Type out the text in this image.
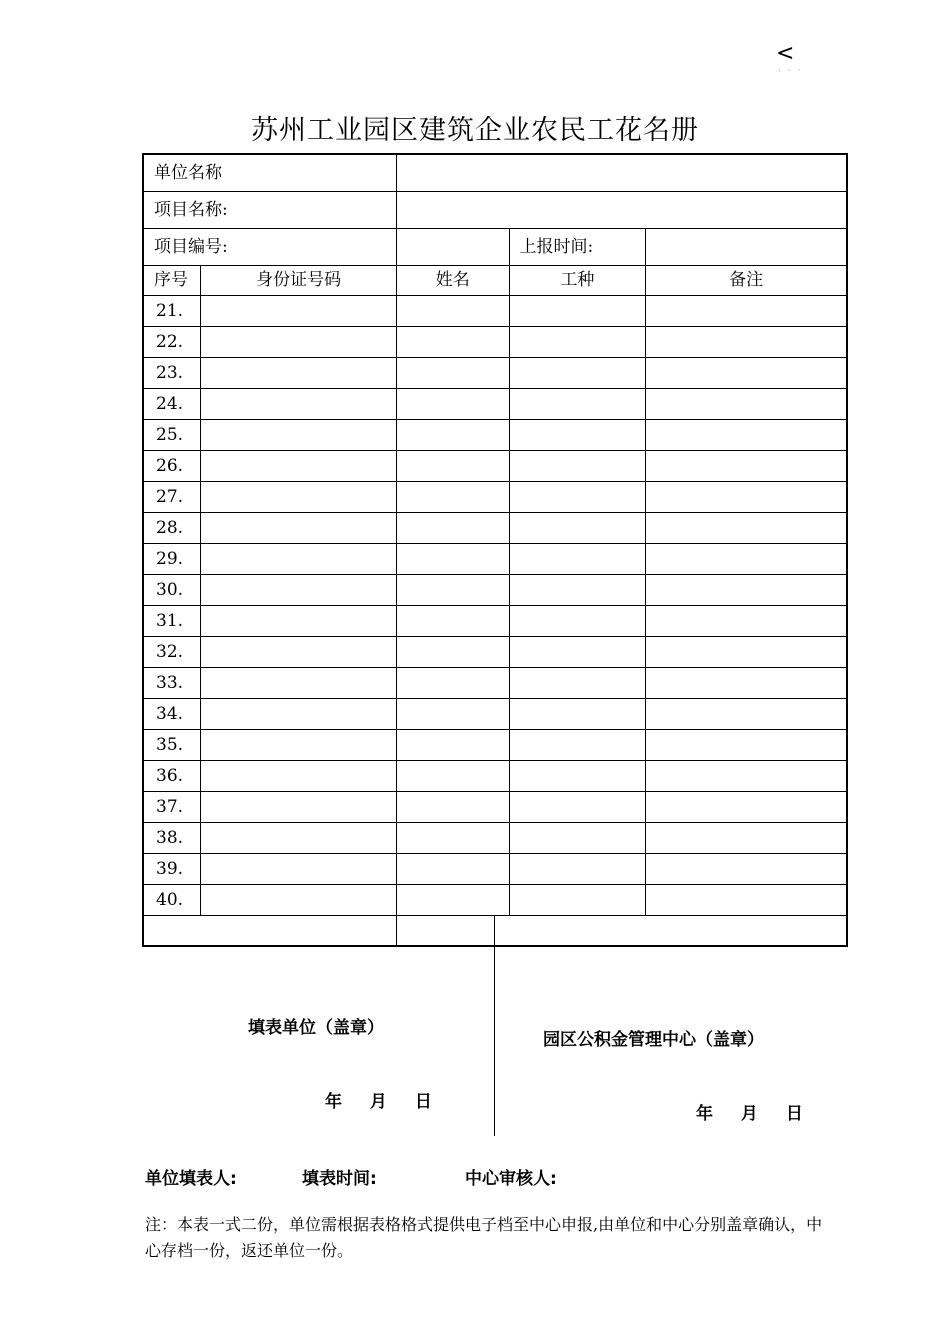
<
· · ·
苏州工业园区建筑企业农民工花名册
单位名称				
项目名称:				
项目编号:			上报时间:	
序号	身份证号码	姓名	工种	备注
21.				
22.				
23.				
24.				
25.				
26.				
27.				
28.				
29.				
30.				
31.				
32.				
33.				
34.				
35.				
36.				
37.				
38.				
39.				
40.				

填表单位（盖章）
年 月 日
园区公积金管理中心（盖章）
年 月 日
单位填表人:	填表时间:	中心审核人:
注：本表一式二份，单位需根据表格格式提供电子档至中心申报,由单位和中心分别盖章确认，中心存档一份，返还单位一份。
